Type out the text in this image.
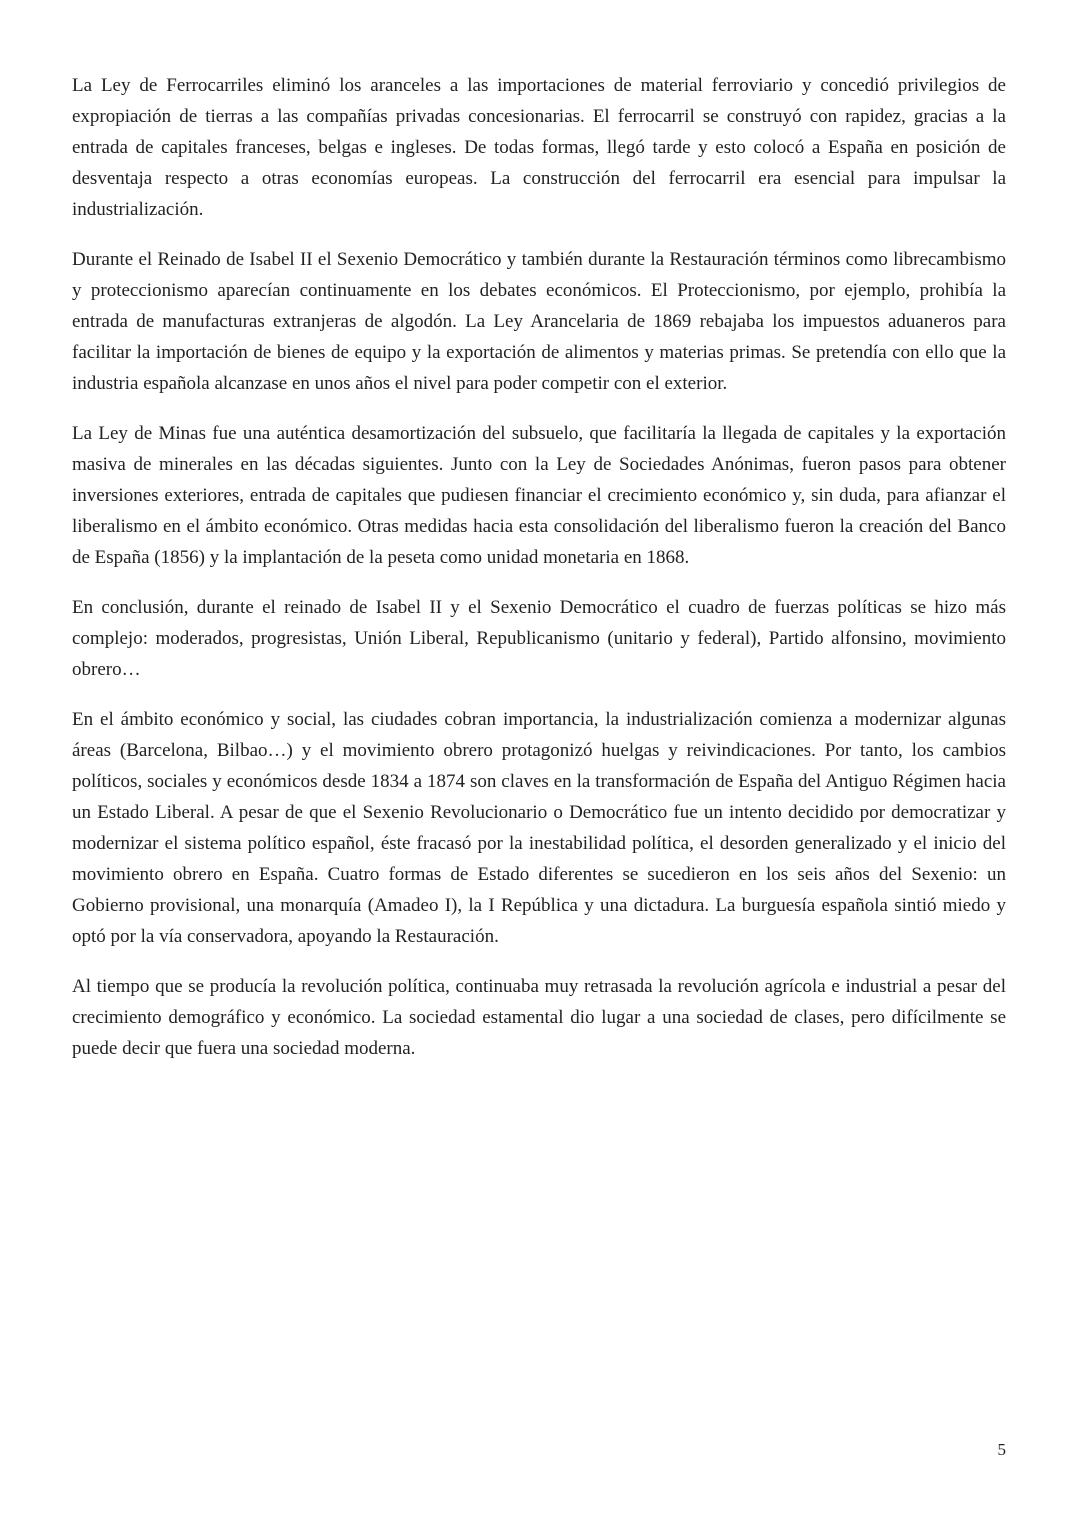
La Ley de Ferrocarriles eliminó los aranceles a las importaciones de material ferroviario y concedió privilegios de expropiación de tierras a las compañías privadas concesionarias. El ferrocarril se construyó con rapidez, gracias a la entrada de capitales franceses, belgas e ingleses. De todas formas, llegó tarde y esto colocó a España en posición de desventaja respecto a otras economías europeas. La construcción del ferrocarril era esencial para impulsar la industrialización.

Durante el Reinado de Isabel II el Sexenio Democrático y también durante la Restauración términos como librecambismo y proteccionismo aparecían continuamente en los debates económicos. El Proteccionismo, por ejemplo, prohibía la entrada de manufacturas extranjeras de algodón. La Ley Arancelaria de 1869 rebajaba los impuestos aduaneros para facilitar la importación de bienes de equipo y la exportación de alimentos y materias primas. Se pretendía con ello que la industria española alcanzase en unos años el nivel para poder competir con el exterior.

La Ley de Minas fue una auténtica desamortización del subsuelo, que facilitaría la llegada de capitales y la exportación masiva de minerales en las décadas siguientes. Junto con la Ley de Sociedades Anónimas, fueron pasos para obtener inversiones exteriores, entrada de capitales que pudiesen financiar el crecimiento económico y, sin duda, para afianzar el liberalismo en el ámbito económico. Otras medidas hacia esta consolidación del liberalismo fueron la creación del Banco de España (1856) y la implantación de la peseta como unidad monetaria en 1868.

En conclusión, durante el reinado de Isabel II y el Sexenio Democrático el cuadro de fuerzas políticas se hizo más complejo: moderados, progresistas, Unión Liberal, Republicanismo (unitario y federal), Partido alfonsino, movimiento obrero…

En el ámbito económico y social, las ciudades cobran importancia, la industrialización comienza a modernizar algunas áreas (Barcelona, Bilbao…) y el movimiento obrero protagonizó huelgas y reivindicaciones. Por tanto, los cambios políticos, sociales y económicos desde 1834 a 1874 son claves en la transformación de España del Antiguo Régimen hacia un Estado Liberal. A pesar de que el Sexenio Revolucionario o Democrático fue un intento decidido por democratizar y modernizar el sistema político español, éste fracasó por la inestabilidad política, el desorden generalizado y el inicio del movimiento obrero en España. Cuatro formas de Estado diferentes se sucedieron en los seis años del Sexenio: un Gobierno provisional, una monarquía (Amadeo I), la I República y una dictadura. La burguesía española sintió miedo y optó por la vía conservadora, apoyando la Restauración.

Al tiempo que se producía la revolución política, continuaba muy retrasada la revolución agrícola e industrial a pesar del crecimiento demográfico y económico. La sociedad estamental dio lugar a una sociedad de clases, pero difícilmente se puede decir que fuera una sociedad moderna.

5
